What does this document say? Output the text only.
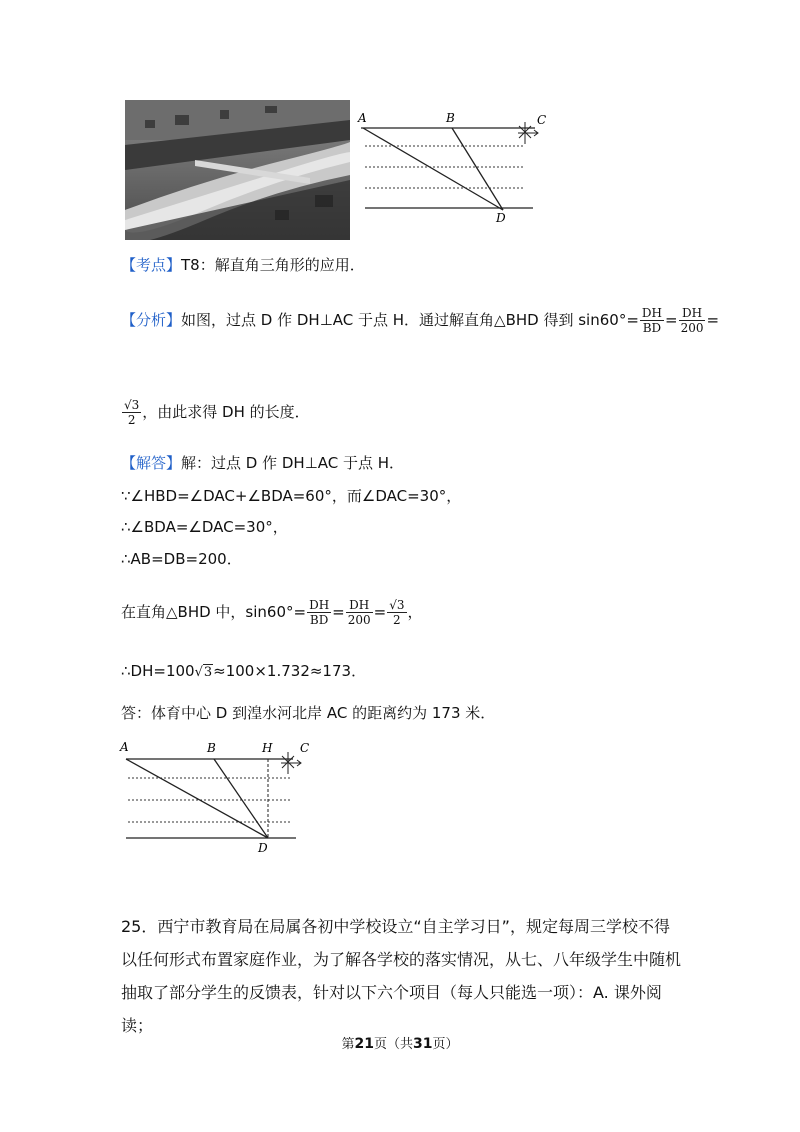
A	B	C
D
【考点】T8：解直角三角形的应用．
【分析】如图，过点 D 作 DH⊥AC 于点 H．通过解直角△BHD 得到 $\sin 60^\circ= \frac{DH}{BD} = \frac{DH}{200}$ =
$\frac{√3}{2}$ ，由此求得 DH 的长度．
【解答】解：过点 D 作 DH⊥AC 于点 H．
∵∠HBD=∠DAC+∠BDA=60°，而∠DAC=30°，
∴∠BDA=∠DAC=30°，
∴AB=DB=200．
在直角△BHD 中，$\sin 60^\circ= \frac{DH}{BD} = \frac{DH}{200} = \frac{√3}{2}$ ，
∴DH=100√3≈100×1.732≈173．
答：体育中心 D 到湟水河北岸 AC 的距离约为 173 米．
A	B	H C
D
25．西宁市教育局在局属各初中学校设立“自主学习日”，规定每周三学校不得以任何形式布置家庭作业，为了解各学校的落实情况，从七、八年级学生中随机抽取了部分学生的反馈表，针对以下六个项目（每人只能选一项）：A. 课外阅读；
第21页（共31页）
